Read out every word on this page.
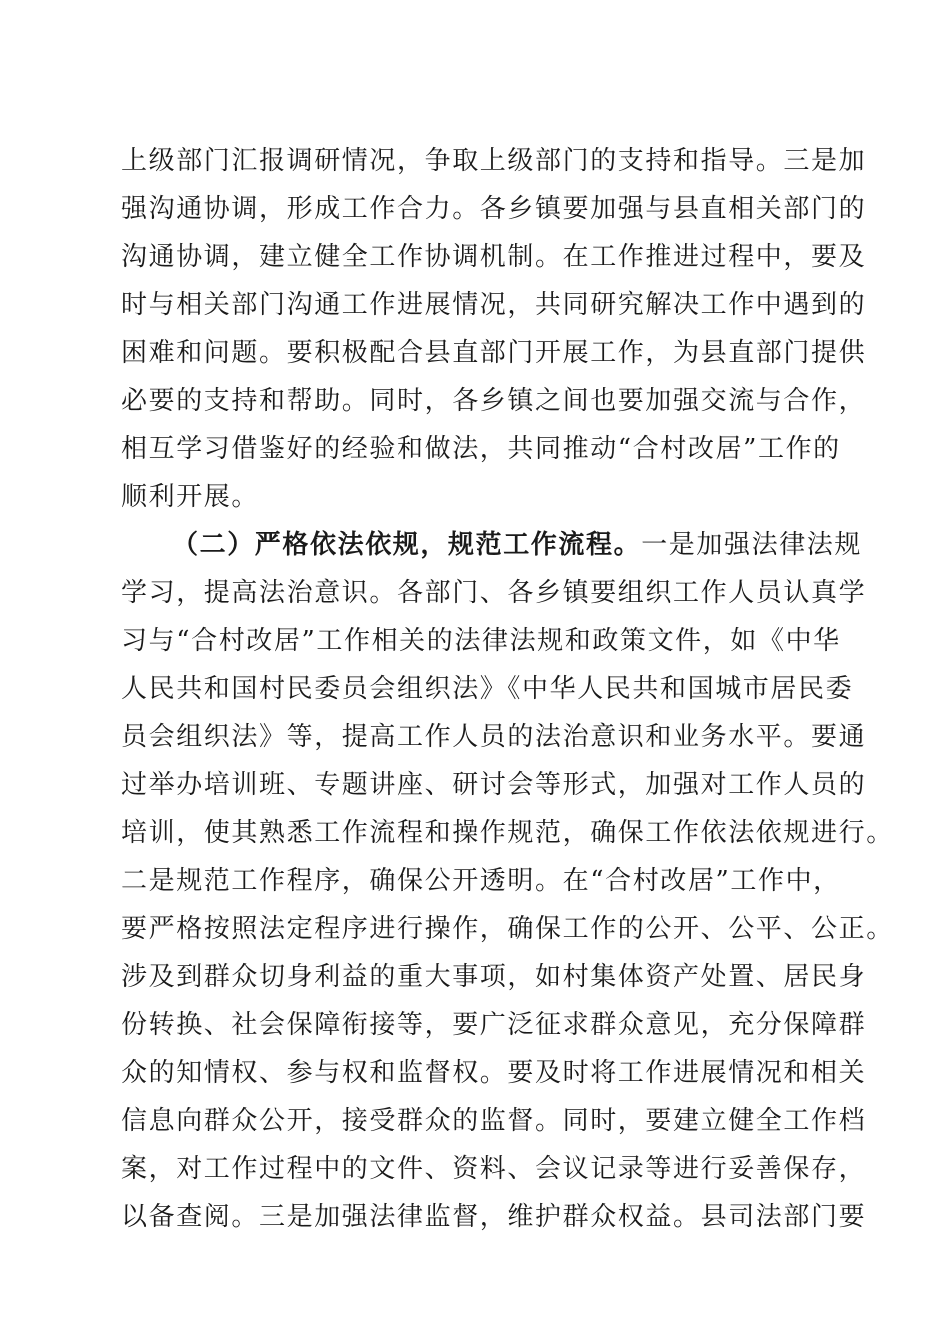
上级部门汇报调研情况，争取上级部门的支持和指导。三是加
强沟通协调，形成工作合力。各乡镇要加强与县直相关部门的
沟通协调，建立健全工作协调机制。在工作推进过程中，要及
时与相关部门沟通工作进展情况，共同研究解决工作中遇到的
困难和问题。要积极配合县直部门开展工作，为县直部门提供
必要的支持和帮助。同时，各乡镇之间也要加强交流与合作，
相互学习借鉴好的经验和做法，共同推动“合村改居”工作的
顺利开展。
（二）严格依法依规，规范工作流程。一是加强法律法规
学习，提高法治意识。各部门、各乡镇要组织工作人员认真学
习与“合村改居”工作相关的法律法规和政策文件，如《中华
人民共和国村民委员会组织法》《中华人民共和国城市居民委
员会组织法》等，提高工作人员的法治意识和业务水平。要通
过举办培训班、专题讲座、研讨会等形式，加强对工作人员的
培训，使其熟悉工作流程和操作规范，确保工作依法依规进行。
二是规范工作程序，确保公开透明。在“合村改居”工作中，
要严格按照法定程序进行操作，确保工作的公开、公平、公正。
涉及到群众切身利益的重大事项，如村集体资产处置、居民身
份转换、社会保障衔接等，要广泛征求群众意见，充分保障群
众的知情权、参与权和监督权。要及时将工作进展情况和相关
信息向群众公开，接受群众的监督。同时，要建立健全工作档
案，对工作过程中的文件、资料、会议记录等进行妥善保存，
以备查阅。三是加强法律监督，维护群众权益。县司法部门要
